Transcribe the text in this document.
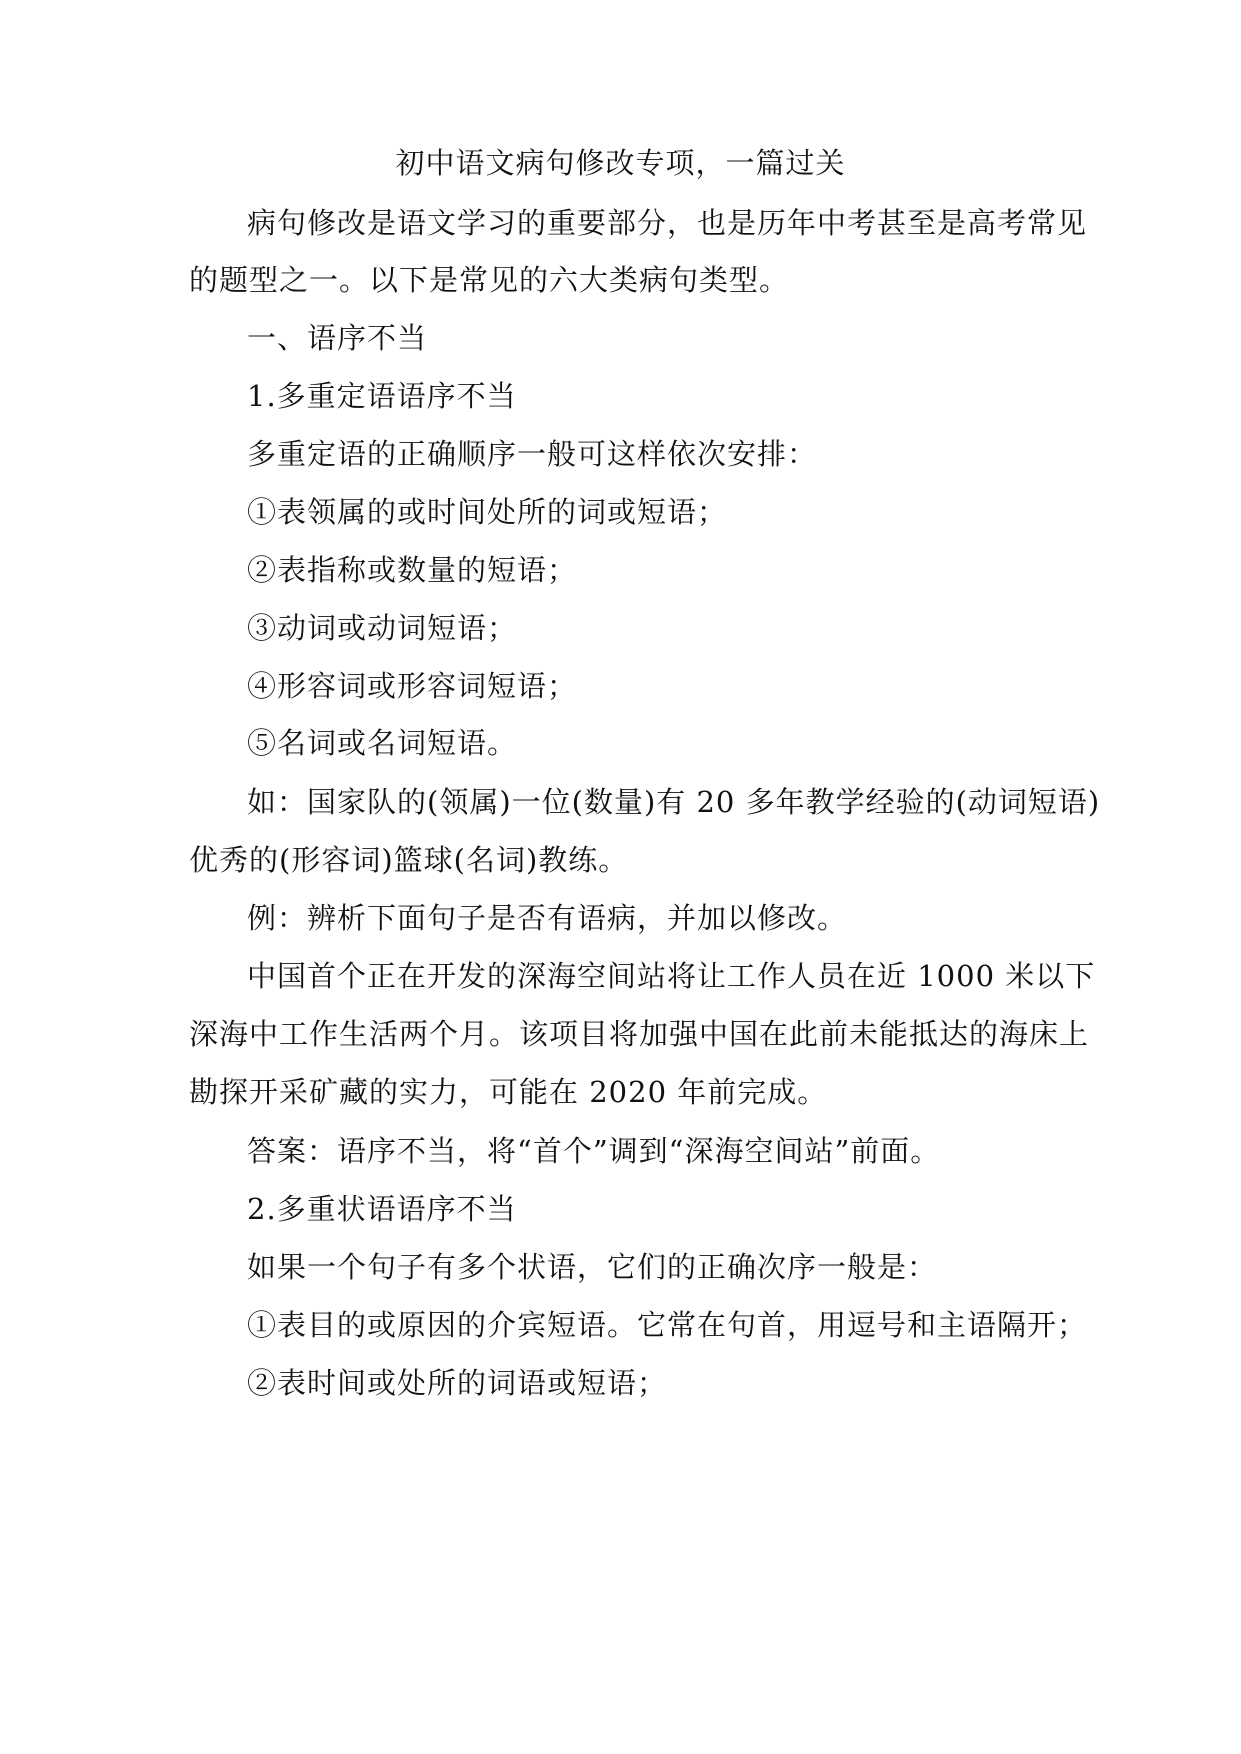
初中语文病句修改专项，一篇过关
病句修改是语文学习的重要部分，也是历年中考甚至是高考常见
的题型之一。以下是常见的六大类病句类型。
一、语序不当
1.多重定语语序不当
多重定语的正确顺序一般可这样依次安排：
①表领属的或时间处所的词或短语；
②表指称或数量的短语；
③动词或动词短语；
④形容词或形容词短语；
⑤名词或名词短语。
如：国家队的(领属)一位(数量)有 20 多年教学经验的(动词短语)
优秀的(形容词)篮球(名词)教练。
例：辨析下面句子是否有语病，并加以修改。
中国首个正在开发的深海空间站将让工作人员在近 1000 米以下
深海中工作生活两个月。该项目将加强中国在此前未能抵达的海床上
勘探开采矿藏的实力，可能在 2020 年前完成。
答案：语序不当，将“首个”调到“深海空间站”前面。
2.多重状语语序不当
如果一个句子有多个状语，它们的正确次序一般是：
①表目的或原因的介宾短语。它常在句首，用逗号和主语隔开；
②表时间或处所的词语或短语；
